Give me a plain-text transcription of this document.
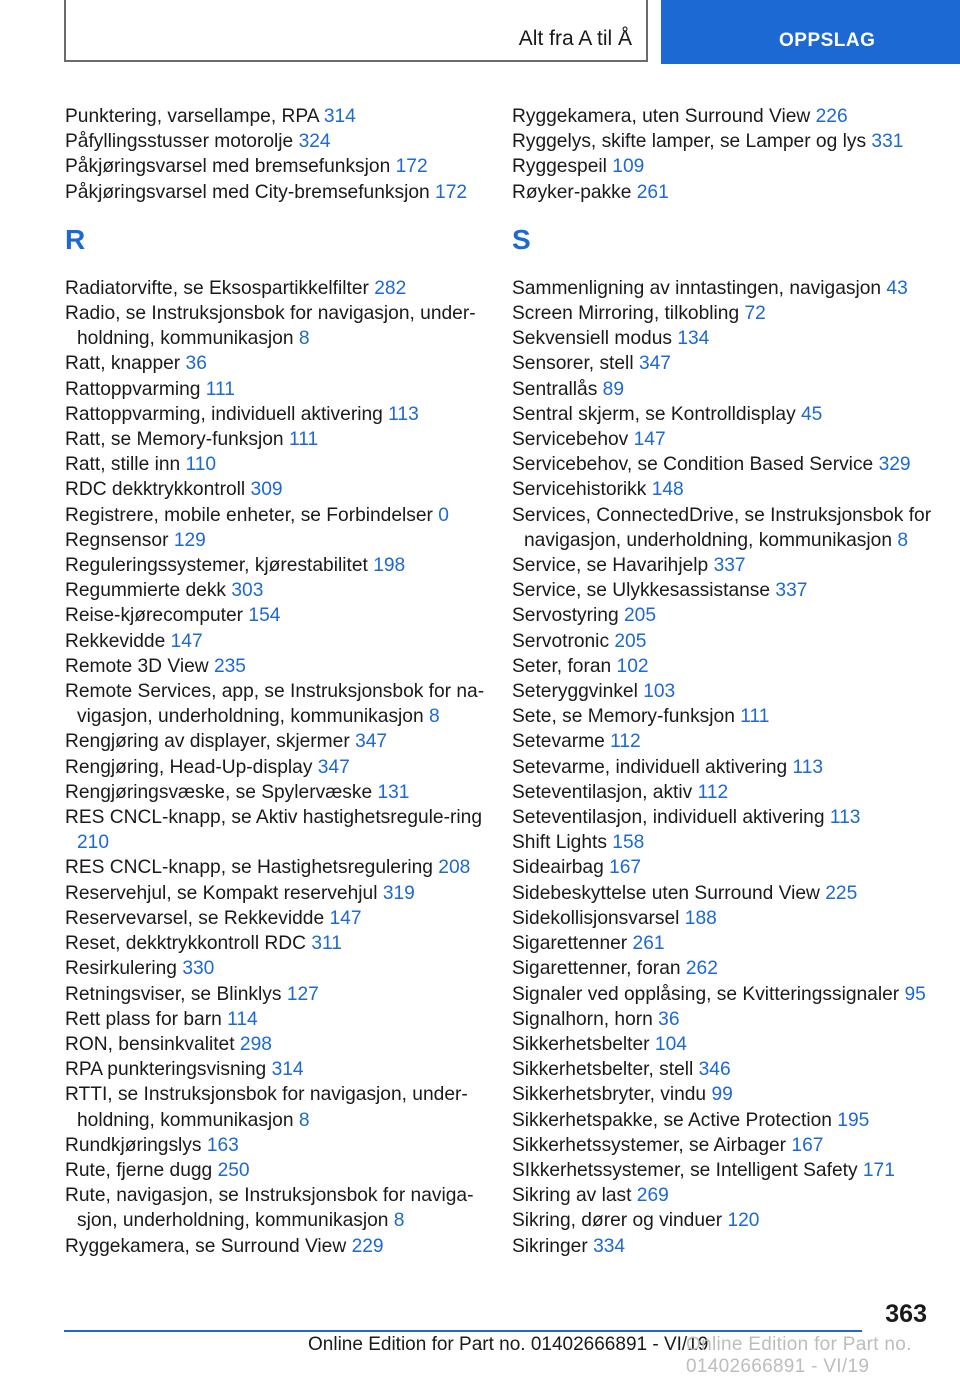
Alt fra A til Å	OPPSLAG

Punktering, varsellampe, RPA 314

Påfyllingsstusser motorolje 324

Påkjøringsvarsel med bremsefunksjon 172

Påkjøringsvarsel med City-bremsefunksjon 172

R

Radiatorvifte, se Eksospartikkelfilter 282

Radio, se Instruksjonsbok for navigasjon, under-holdning, kommunikasjon 8

Ratt, knapper 36

Rattoppvarming 111

Rattoppvarming, individuell aktivering 113

Ratt, se Memory-funksjon 111

Ratt, stille inn 110

RDC dekktrykkontroll 309

Registrere, mobile enheter, se Forbindelser 0

Regnsensor 129

Reguleringssystemer, kjørestabilitet 198

Regummierte dekk 303

Reise-kjørecomputer 154

Rekkevidde 147

Remote 3D View 235

Remote Services, app, se Instruksjonsbok for na-vigasjon, underholdning, kommunikasjon 8

Rengjøring av displayer, skjermer 347

Rengjøring, Head-Up-display 347

Rengjøringsvæske, se Spylervæske 131

RES CNCL-knapp, se Aktiv hastighetsregule-ring 210

RES CNCL-knapp, se Hastighetsregulering 208

Reservehjul, se Kompakt reservehjul 319

Reservevarsel, se Rekkevidde 147

Reset, dekktrykkontroll RDC 311

Resirkulering 330

Retningsviser, se Blinklys 127

Rett plass for barn 114

RON, bensinkvalitet 298

RPA punkteringsvisning 314

RTTI, se Instruksjonsbok for navigasjon, under-holdning, kommunikasjon 8

Rundkjøringslys 163

Rute, fjerne dugg 250

Rute, navigasjon, se Instruksjonsbok for naviga-sjon, underholdning, kommunikasjon 8

Ryggekamera, se Surround View 229

Ryggekamera, uten Surround View 226

Ryggelys, skifte lamper, se Lamper og lys 331

Ryggespeil 109

Røyker-pakke 261

S

Sammenligning av inntastingen, navigasjon 43

Screen Mirroring, tilkobling 72

Sekvensiell modus 134

Sensorer, stell 347

Sentrallås 89

Sentral skjerm, se Kontrolldisplay 45

Servicebehov 147

Servicebehov, se Condition Based Service 329

Servicehistorikk 148

Services, ConnectedDrive, se Instruksjonsbok for navigasjon, underholdning, kommunikasjon 8

Service, se Havarihjelp 337

Service, se Ulykkesassistanse 337

Servostyring 205

Servotronic 205

Seter, foran 102

Seteryggvinkel 103

Sete, se Memory-funksjon 111

Setevarme 112

Setevarme, individuell aktivering 113

Seteventilasjon, aktiv 112

Seteventilasjon, individuell aktivering 113

Shift Lights 158

Sideairbag 167

Sidebeskyttelse uten Surround View 225

Sidekollisjonsvarsel 188

Sigarettenner 261

Sigarettenner, foran 262

Signaler ved opplåsing, se Kvitteringssignaler 95

Signalhorn, horn 36

Sikkerhetsbelter 104

Sikkerhetsbelter, stell 346

Sikkerhetsbryter, vindu 99

Sikkerhetspakke, se Active Protection 195

Sikkerhetssystemer, se Airbager 167

SIkkerhetssystemer, se Intelligent Safety 171

Sikring av last 269

Sikring, dører og vinduer 120

Sikringer 334

363
Online Edition for Part no. 01402666891 - VI/19
Online Edition for Part no. 01402666891 - VI/19
